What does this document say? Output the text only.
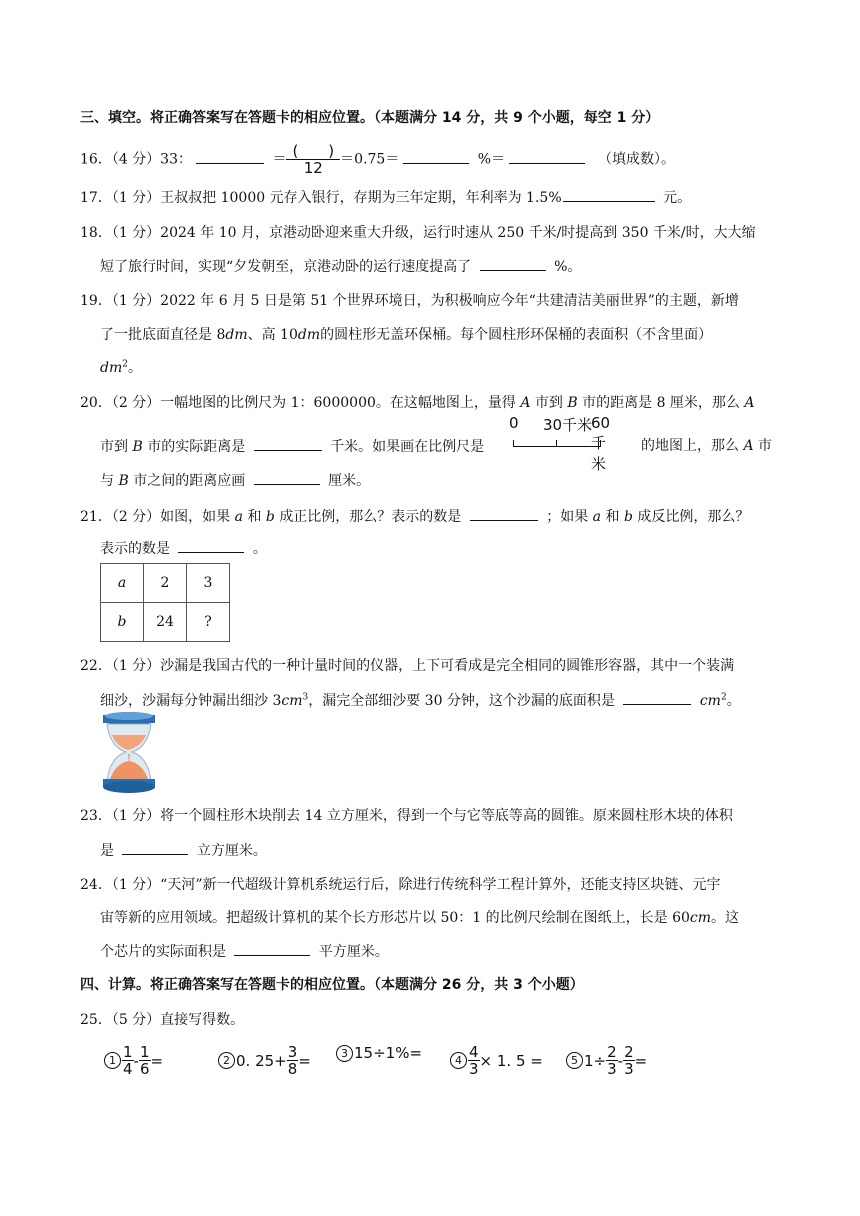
三、填空。将正确答案写在答题卡的相应位置。（本题满分 14 分，共 9 个小题，每空 1 分）
16．（4 分）33：	＝ $\frac{( )}{12} =0.75=$	%＝	（填成数）。
17．（1 分）王叔叔把 10000 元存入银行，存期为三年定期，年利率为 1.5%	元。
18．（1 分）2024 年 10 月，京港动卧迎来重大升级，运行时速从 250 千米/时提高到 350 千米/时，大大缩
短了旅行时间，实现“夕发朝至，京港动卧的运行速度提高了	%。
19．（1 分）2022 年 6 月 5 日是第 51 个世界环境日，为积极响应今年“共建清洁美丽世界”的主题，新增
了一批底面直径是 8dm、高 10dm的圆柱形无盖环保桶。每个圆柱形环保桶的表面积（不含里面）
$dm^2$。
20．（2 分）一幅地图的比例尺为 1：6000000。在这幅地图上，量得 A 市到 B 市的距离是 8 厘米，那么 A
市到 B 市的实际距离是	千米。如果画在比例尺是
0 30千米
60千米
的地图上，那么 A 市
与 B 市之间的距离应画	厘米。
21．（2 分）如图，如果 a 和 b 成正比例，那么？表示的数是	；如果 a 和 b 成反比例，那么？
表示的数是	。
a	2	3
b	24	?
22．（1 分）沙漏是我国古代的一种计量时间的仪器，上下可看成是完全相同的圆锥形容器，其中一个装满
细沙，沙漏每分钟漏出细沙 $3cm^3$，漏完全部细沙要 30 分钟，这个沙漏的底面积是	$cm^2$。
23．（1 分）将一个圆柱形木块削去 14 立方厘米，得到一个与它等底等高的圆锥。原来圆柱形木块的体积
是	立方厘米。
24．（1 分）“天河”新一代超级计算机系统运行后，除进行传统科学工程计算外，还能支持区块链、元宇
宙等新的应用领域。把超级计算机的某个长方形芯片以 50：1 的比例尺绘制在图纸上，长是 60cm。这
个芯片的实际面积是	平方厘米。
四、计算。将正确答案写在答题卡的相应位置。（本题满分 26 分，共 3 个小题）
25．（5 分）直接写得数。
$1 \frac{1}{4} - \frac{1}{6}$ =	2 0. $25+ \frac{3}{8}$ =	3 15÷1%=	$4 \frac{4}{3} \times 1$. 5 =	5 $1\div \frac{2}{3} - \frac{2}{3}$ =
